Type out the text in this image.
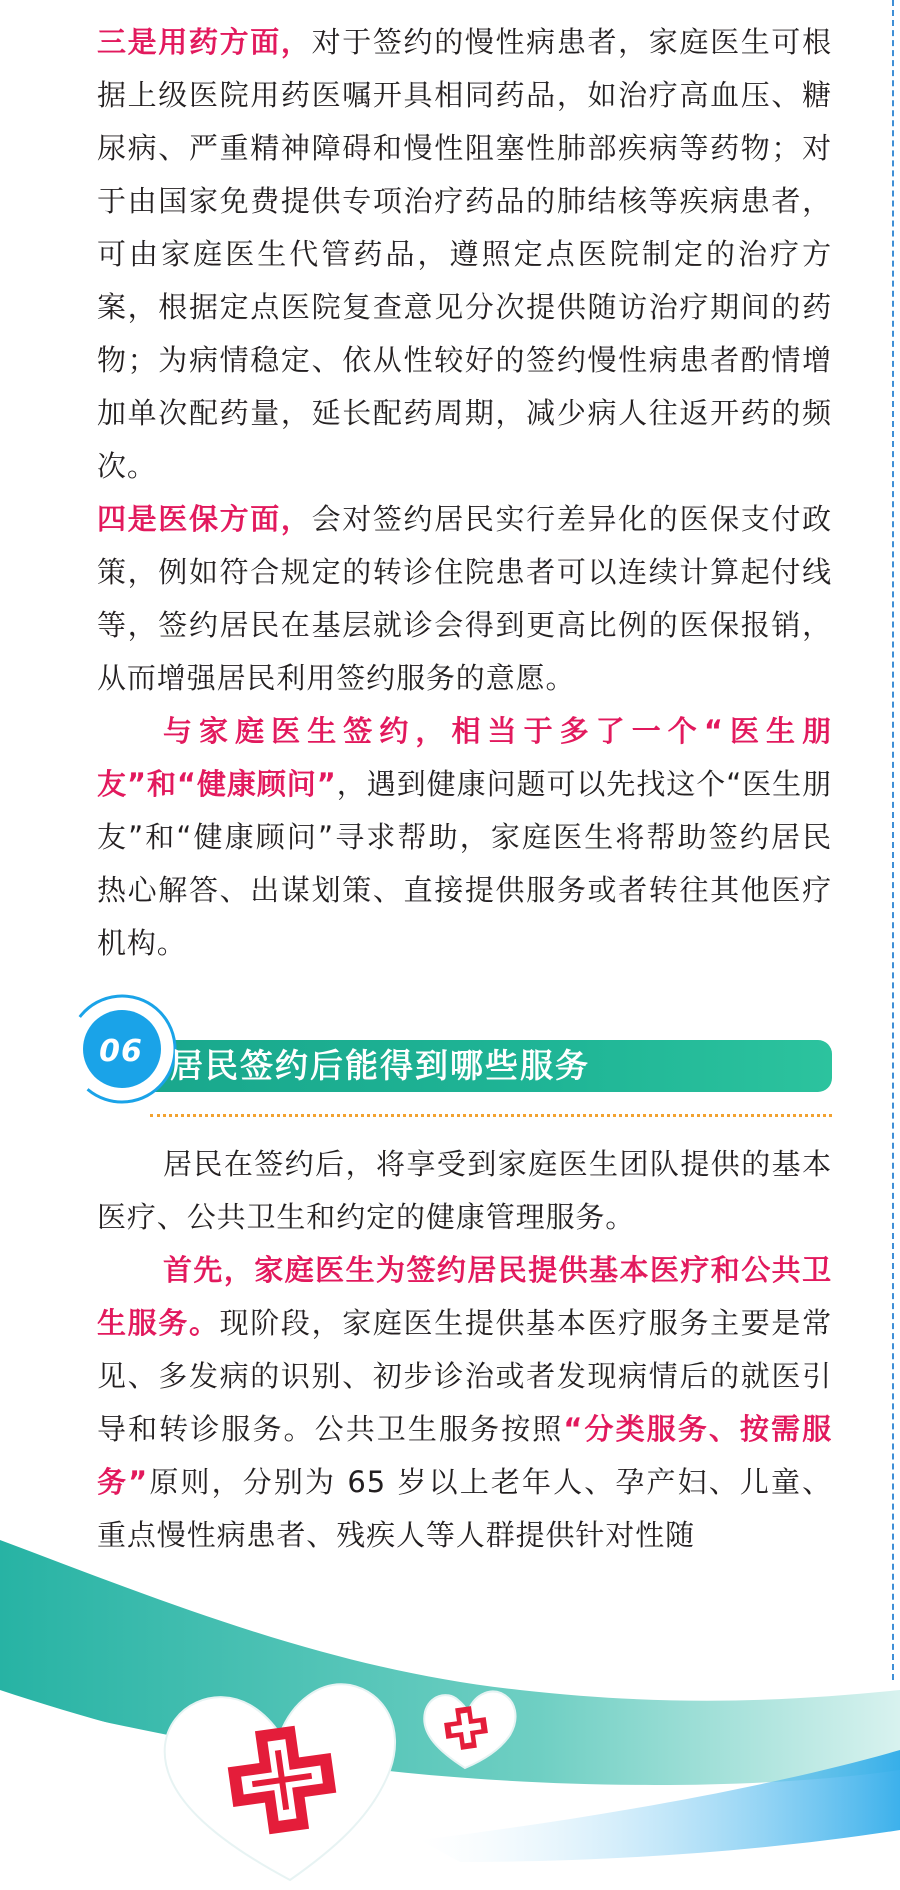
三是用药方面，对于签约的慢性病患者，家庭医生可根据上级医院用药医嘱开具相同药品，如治疗高血压、糖尿病、严重精神障碍和慢性阻塞性肺部疾病等药物；对于由国家免费提供专项治疗药品的肺结核等疾病患者，可由家庭医生代管药品，遵照定点医院制定的治疗方案，根据定点医院复查意见分次提供随访治疗期间的药物；为病情稳定、依从性较好的签约慢性病患者酌情增加单次配药量，延长配药周期，减少病人往返开药的频次。

四是医保方面，会对签约居民实行差异化的医保支付政策，例如符合规定的转诊住院患者可以连续计算起付线等，签约居民在基层就诊会得到更高比例的医保报销，从而增强居民利用签约服务的意愿。

与家庭医生签约，相当于多了一个“医生朋友”和“健康顾问”，遇到健康问题可以先找这个“医生朋友”和“健康顾问”寻求帮助，家庭医生将帮助签约居民热心解答、出谋划策、直接提供服务或者转往其他医疗机构。

06 居民签约后能得到哪些服务

居民在签约后，将享受到家庭医生团队提供的基本医疗、公共卫生和约定的健康管理服务。

首先，家庭医生为签约居民提供基本医疗和公共卫生服务。现阶段，家庭医生提供基本医疗服务主要是常见、多发病的识别、初步诊治或者发现病情后的就医引导和转诊服务。公共卫生服务按照“分类服务、按需服务”原则，分别为 65 岁以上老年人、孕产妇、儿童、重点慢性病患者、残疾人等人群提供针对性随
